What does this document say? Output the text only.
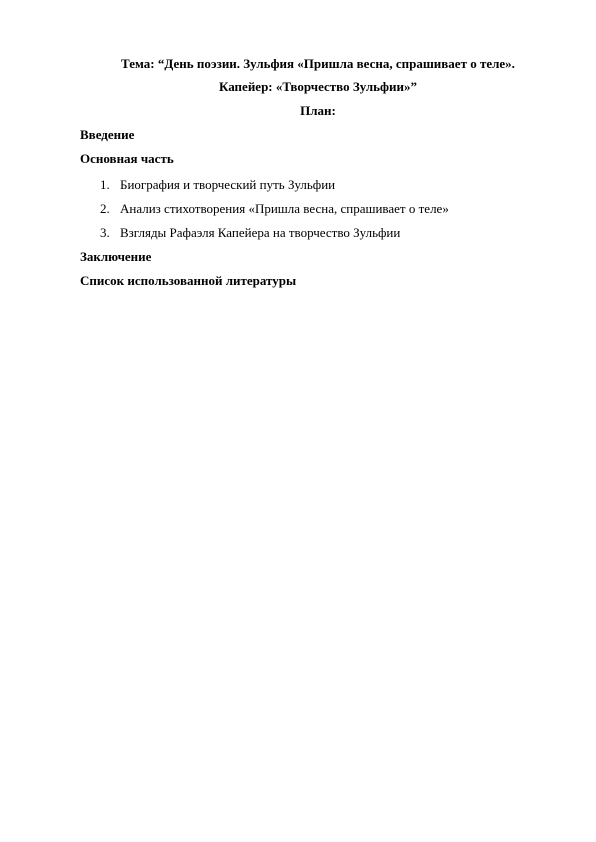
Тема: “День поэзии. Зульфия «Пришла весна, спрашивает о теле».
Капейер: «Творчество Зульфии»”
План:
Введение
Основная часть
1. Биография и творческий путь Зульфии
2. Анализ стихотворения «Пришла весна, спрашивает о теле»
3. Взгляды Рафаэля Капейера на творчество Зульфии
Заключение
Список использованной литературы
